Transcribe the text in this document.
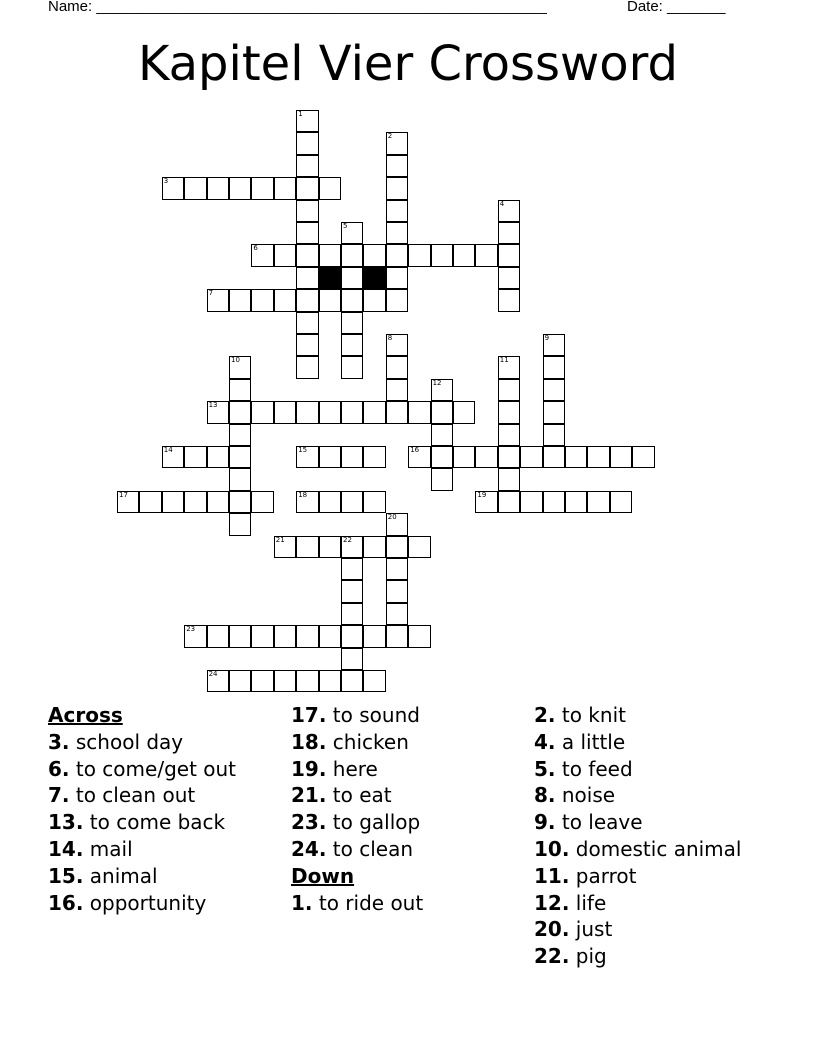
Name: ______________________________________________________	Date: _______
Kapitel Vier Crossword
1
2
3
4
5
6
7
8	9
10	11
12
13
14	15	16
17	18	19
20
21	22
23
24
Across
3. school day
6. to come/get out
7. to clean out
13. to come back
14. mail
15. animal
16. opportunity
17. to sound
18. chicken
19. here
21. to eat
23. to gallop
24. to clean
Down
1. to ride out
2. to knit
4. a little
5. to feed
8. noise
9. to leave
10. domestic animal
11. parrot
12. life
20. just
22. pig
